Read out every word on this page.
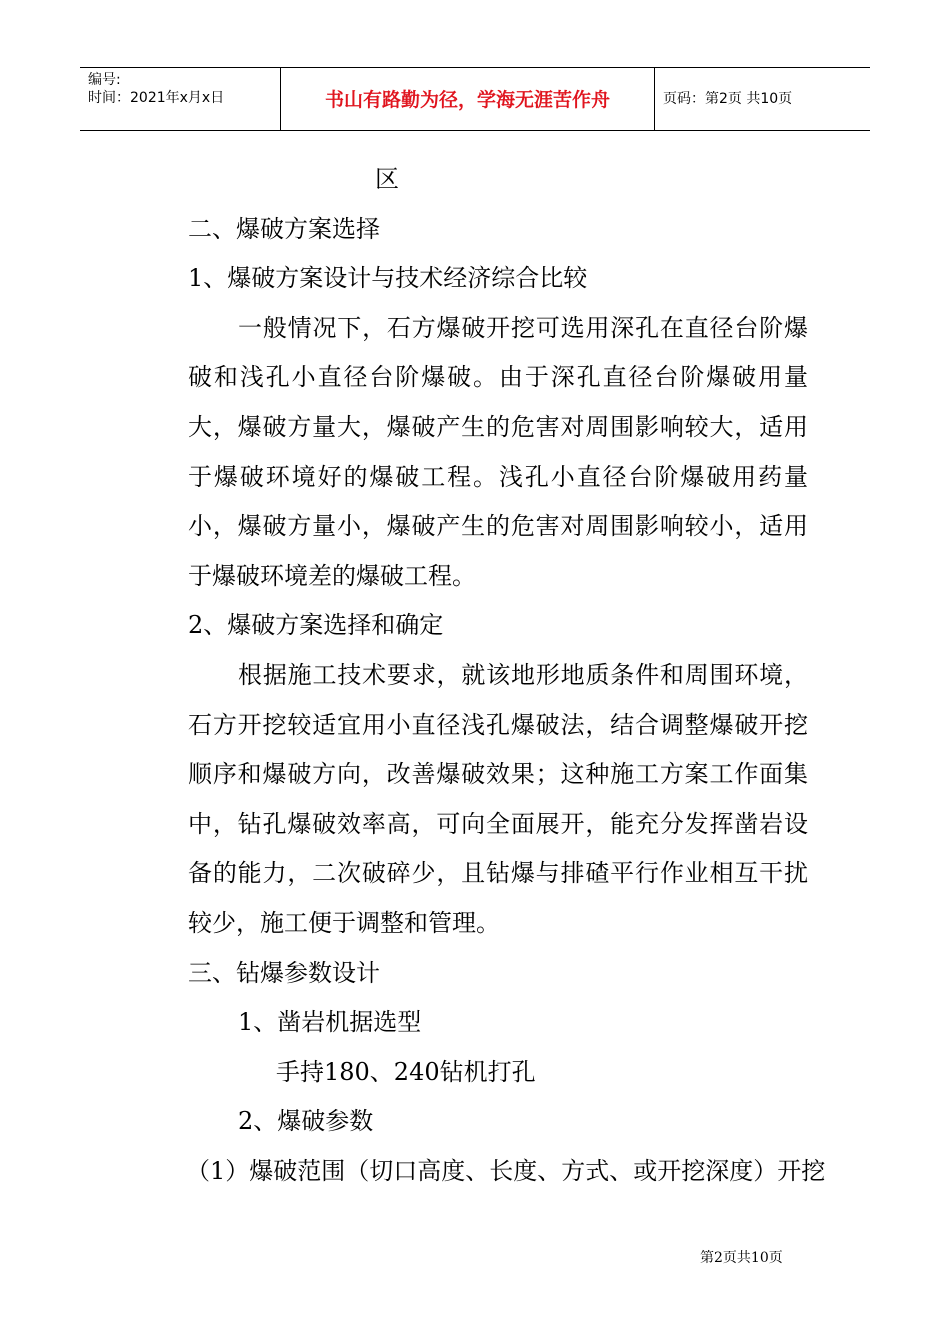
编号:
时间：2021年x月x日	书山有路勤为径，学海无涯苦作舟	页码：第2页 共10页

区

二、爆破方案选择

1、爆破方案设计与技术经济综合比较

一般情况下，石方爆破开挖可选用深孔在直径台阶爆破和浅孔小直径台阶爆破。由于深孔直径台阶爆破用量大，爆破方量大，爆破产生的危害对周围影响较大，适用于爆破环境好的爆破工程。浅孔小直径台阶爆破用药量小，爆破方量小，爆破产生的危害对周围影响较小，适用于爆破环境差的爆破工程。

2、爆破方案选择和确定

根据施工技术要求，就该地形地质条件和周围环境，石方开挖较适宜用小直径浅孔爆破法，结合调整爆破开挖顺序和爆破方向，改善爆破效果；这种施工方案工作面集中，钻孔爆破效率高，可向全面展开，能充分发挥凿岩设备的能力，二次破碎少，且钻爆与排碴平行作业相互干扰较少，施工便于调整和管理。

三、钻爆参数设计

1、凿岩机据选型

手持180、240钻机打孔

2、爆破参数

（1）爆破范围（切口高度、长度、方式、或开挖深度）开挖

第2页共10页
